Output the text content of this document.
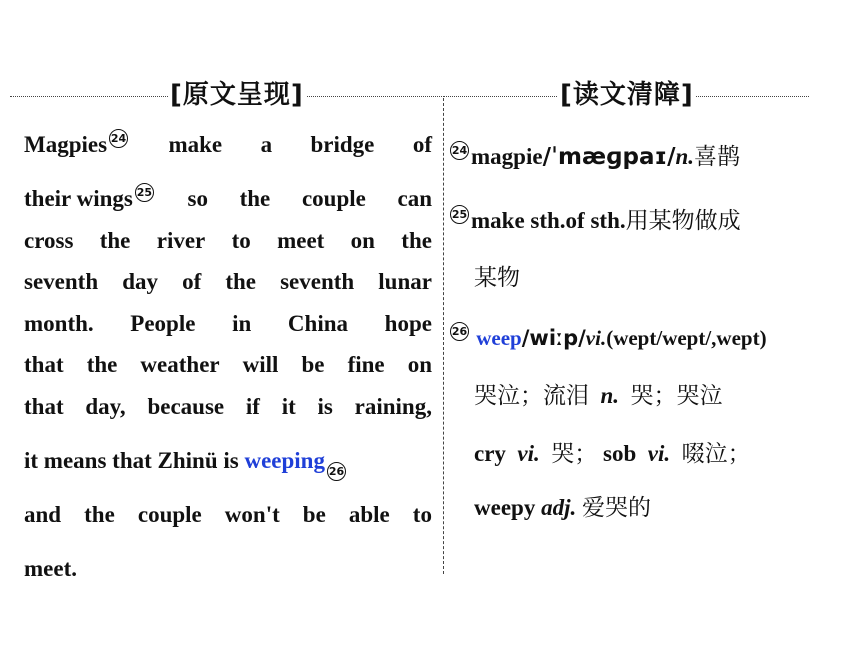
[原文呈现]	[读文清障]
Magpies 24 make a bridge of
their wings 25 so the couple can
cross the river to meet on the
seventh day of the seventh lunar
month. People in China hope
that the weather will be fine on
that day, because if it is raining,
it means that Zhinü is
weeping 26
and the couple won't be able to
meet.
24 magpie/ˈmæɡpaɪ/n.喜鹊
25 make sth.of sth.用某物做成
某物
26 weep/wiːp/vi.(wept/wept/,wept)
哭泣；流泪 n. 哭；哭泣
cry vi. 哭； sob vi. 啜泣；
weepy adj. 爱哭的
